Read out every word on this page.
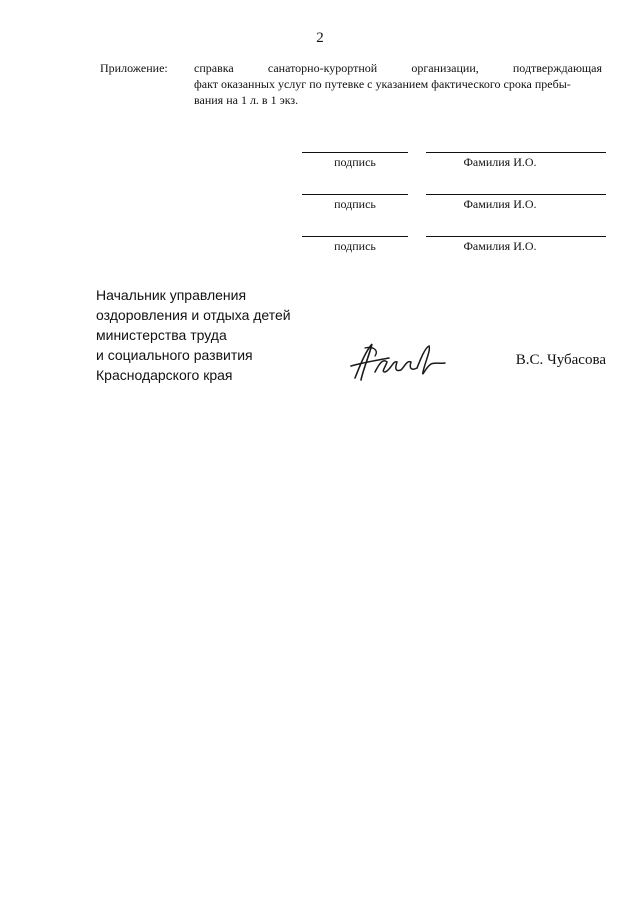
2
Приложение: справка	санаторно-курортной	организации,	подтверждающая
факт оказанных услуг по путевке с указанием фактического срока пребы-
вания на 1 л. в 1 экз.
подпись	Фамилия И.О.
подпись	Фамилия И.О.
подпись	Фамилия И.О.
Начальник управления
оздоровления и отдыха детей
министерства труда
и социального развития
Краснодарского края
В.С. Чубасова
